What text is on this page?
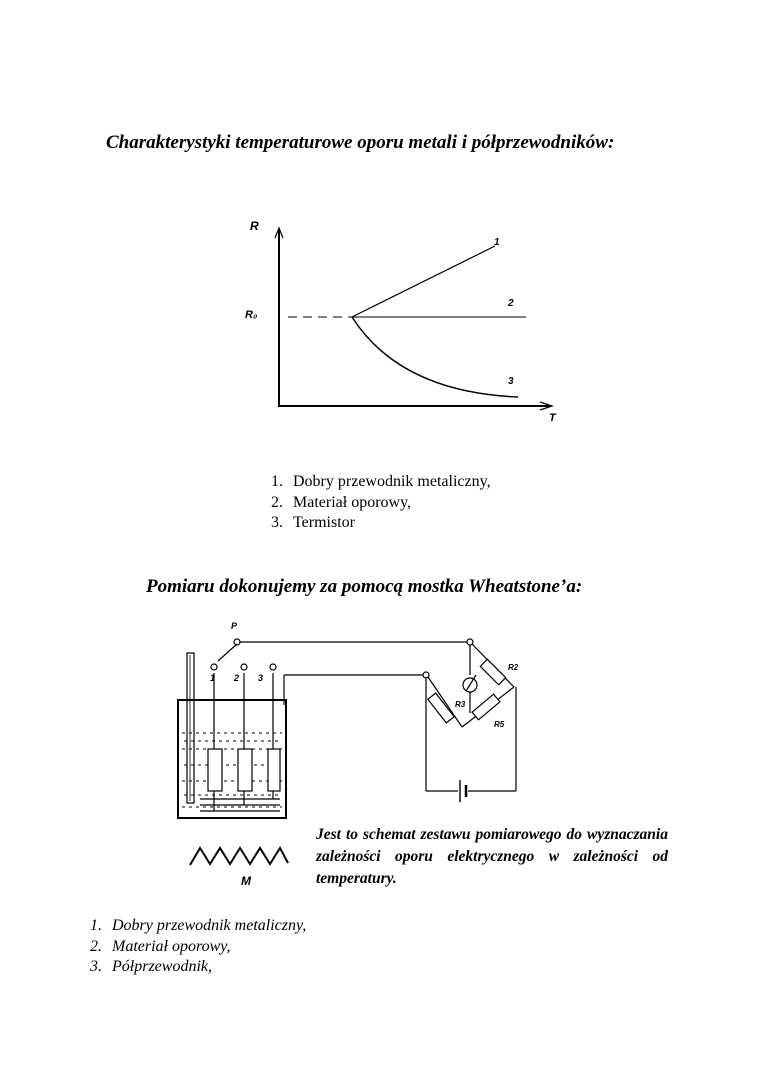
Charakterystyki temperaturowe oporu metali i półprzewodników:
R
T
R₀
1
2
3
1. Dobry przewodnik metaliczny,
2. Materiał oporowy,
3. Termistor
Pomiaru dokonujemy za pomocą mostka Wheatstone’a:
P
1 2 3
R2
R3
R5
M
Jest to schemat zestawu pomiarowego do wyznaczania zależności oporu elektrycznego w zależności od temperatury.
1. Dobry przewodnik metaliczny,
2. Materiał oporowy,
3. Półprzewodnik,
